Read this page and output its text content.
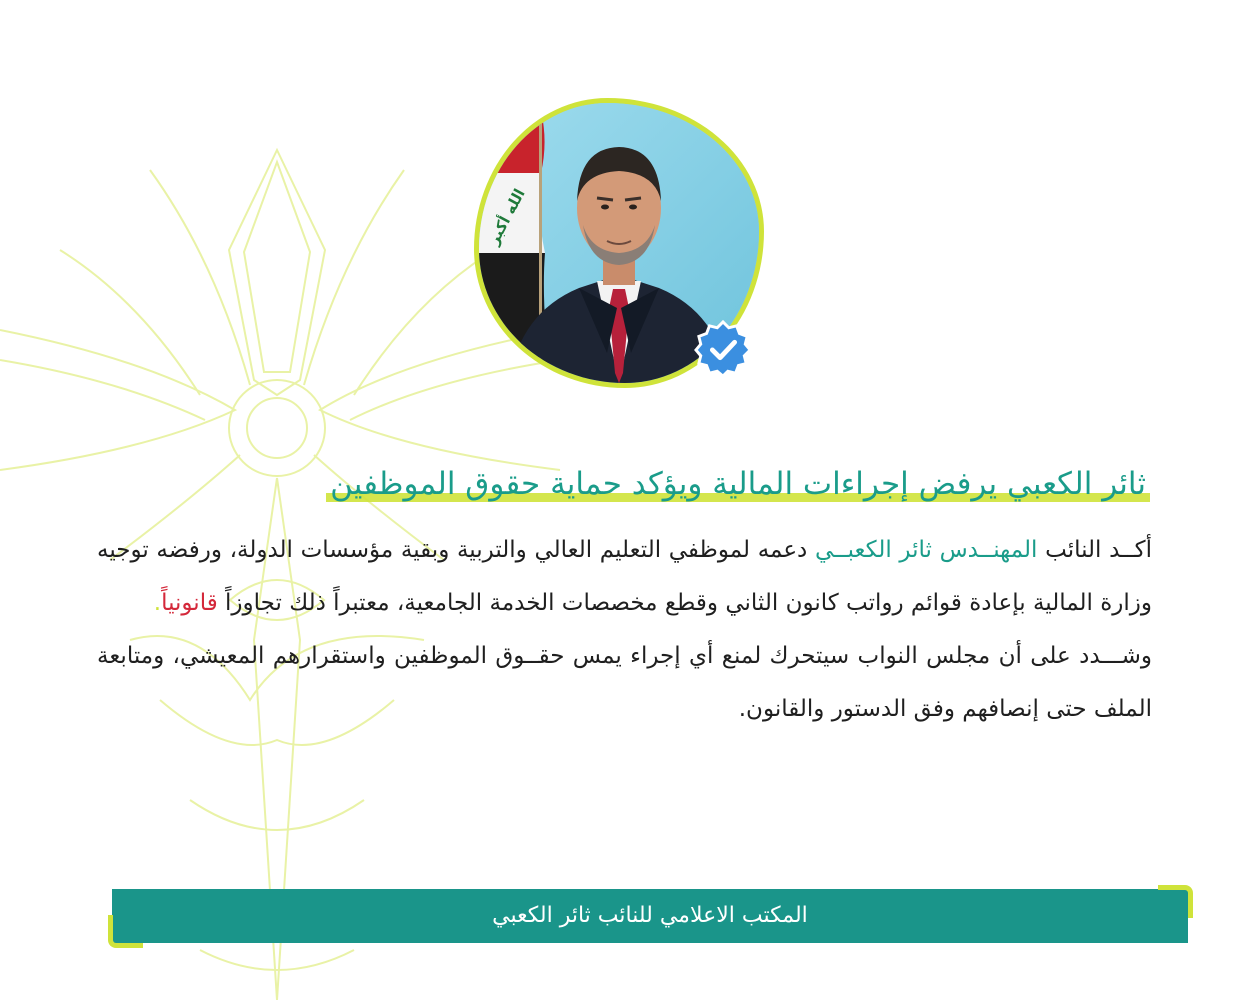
الله أكبر
ثائر الكعبي يرفض إجراءات المالية ويؤكد حماية حقوق الموظفين

أكــد النائب المهنــدس ثائر الكعبــي دعمه لموظفي التعليم العالي والتربية وبقية مؤسسات الدولة، ورفضه توجيه وزارة المالية بإعادة قوائم رواتب كانون الثاني وقطع مخصصات الخدمة الجامعية، معتبراً ذلك تجاوزاً قانونياً.

وشـــدد على أن مجلس النواب سيتحرك لمنع أي إجراء يمس حقــوق الموظفين واستقرارهم المعيشي، ومتابعة الملف حتى إنصافهم وفق الدستور والقانون.

المكتب الاعلامي للنائب ثائر الكعبي
